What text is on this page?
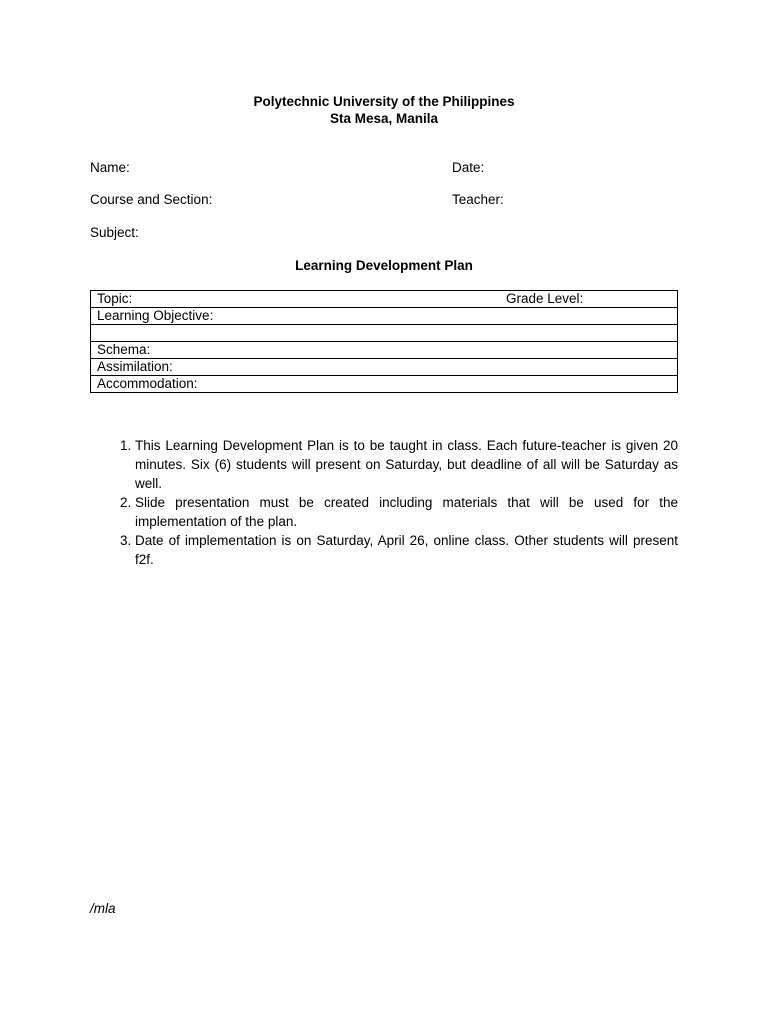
Polytechnic University of the Philippines
Sta Mesa, Manila
Name:	Date:
Course and Section:	Teacher:
Subject:
Learning Development Plan
Topic:	Grade Level:

Learning Objective:

Schema:
Assimilation:
Accommodation:
1. This Learning Development Plan is to be taught in class. Each future-teacher is given 20 minutes. Six (6) students will present on Saturday, but deadline of all will be Saturday as well.
2. Slide presentation must be created including materials that will be used for the implementation of the plan.
3. Date of implementation is on Saturday, April 26, online class. Other students will present f2f.
/mla
